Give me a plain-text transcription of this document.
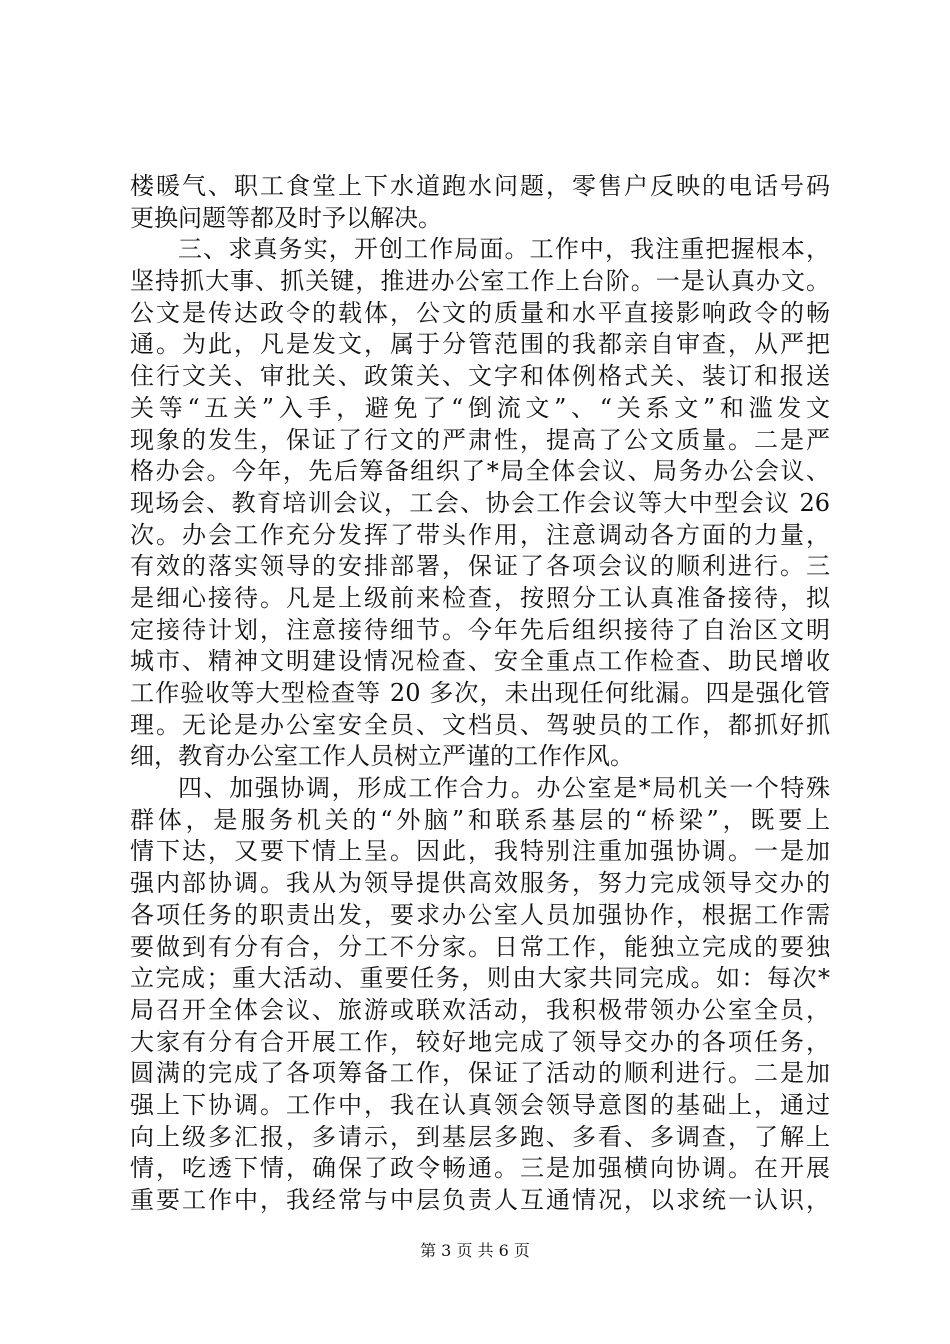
楼暖气、职工食堂上下水道跑水问题，零售户反映的电话号码
更换问题等都及时予以解决。
三、求真务实，开创工作局面。工作中，我注重把握根本，
坚持抓大事、抓关键，推进办公室工作上台阶。一是认真办文。
公文是传达政令的载体，公文的质量和水平直接影响政令的畅
通。为此，凡是发文，属于分管范围的我都亲自审查，从严把
住行文关、审批关、政策关、文字和体例格式关、装订和报送
关等“五关”入手，避免了“倒流文”、“关系文”和滥发文
现象的发生，保证了行文的严肃性，提高了公文质量。二是严
格办会。今年，先后筹备组织了*局全体会议、局务办公会议、
现场会、教育培训会议，工会、协会工作会议等大中型会议 26
次。办会工作充分发挥了带头作用，注意调动各方面的力量，
有效的落实领导的安排部署，保证了各项会议的顺利进行。三
是细心接待。凡是上级前来检查，按照分工认真准备接待，拟
定接待计划，注意接待细节。今年先后组织接待了自治区文明
城市、精神文明建设情况检查、安全重点工作检查、助民增收
工作验收等大型检查等 20 多次，未出现任何纰漏。四是强化管
理。无论是办公室安全员、文档员、驾驶员的工作，都抓好抓
细，教育办公室工作人员树立严谨的工作作风。
四、加强协调，形成工作合力。办公室是*局机关一个特殊
群体，是服务机关的“外脑”和联系基层的“桥梁”，既要上
情下达，又要下情上呈。因此，我特别注重加强协调。一是加
强内部协调。我从为领导提供高效服务，努力完成领导交办的
各项任务的职责出发，要求办公室人员加强协作，根据工作需
要做到有分有合，分工不分家。日常工作，能独立完成的要独
立完成；重大活动、重要任务，则由大家共同完成。如：每次*
局召开全体会议、旅游或联欢活动，我积极带领办公室全员，
大家有分有合开展工作，较好地完成了领导交办的各项任务，
圆满的完成了各项筹备工作，保证了活动的顺利进行。二是加
强上下协调。工作中，我在认真领会领导意图的基础上，通过
向上级多汇报，多请示，到基层多跑、多看、多调查，了解上
情，吃透下情，确保了政令畅通。三是加强横向协调。在开展
重要工作中，我经常与中层负责人互通情况，以求统一认识，
第 3 页 共 6 页
